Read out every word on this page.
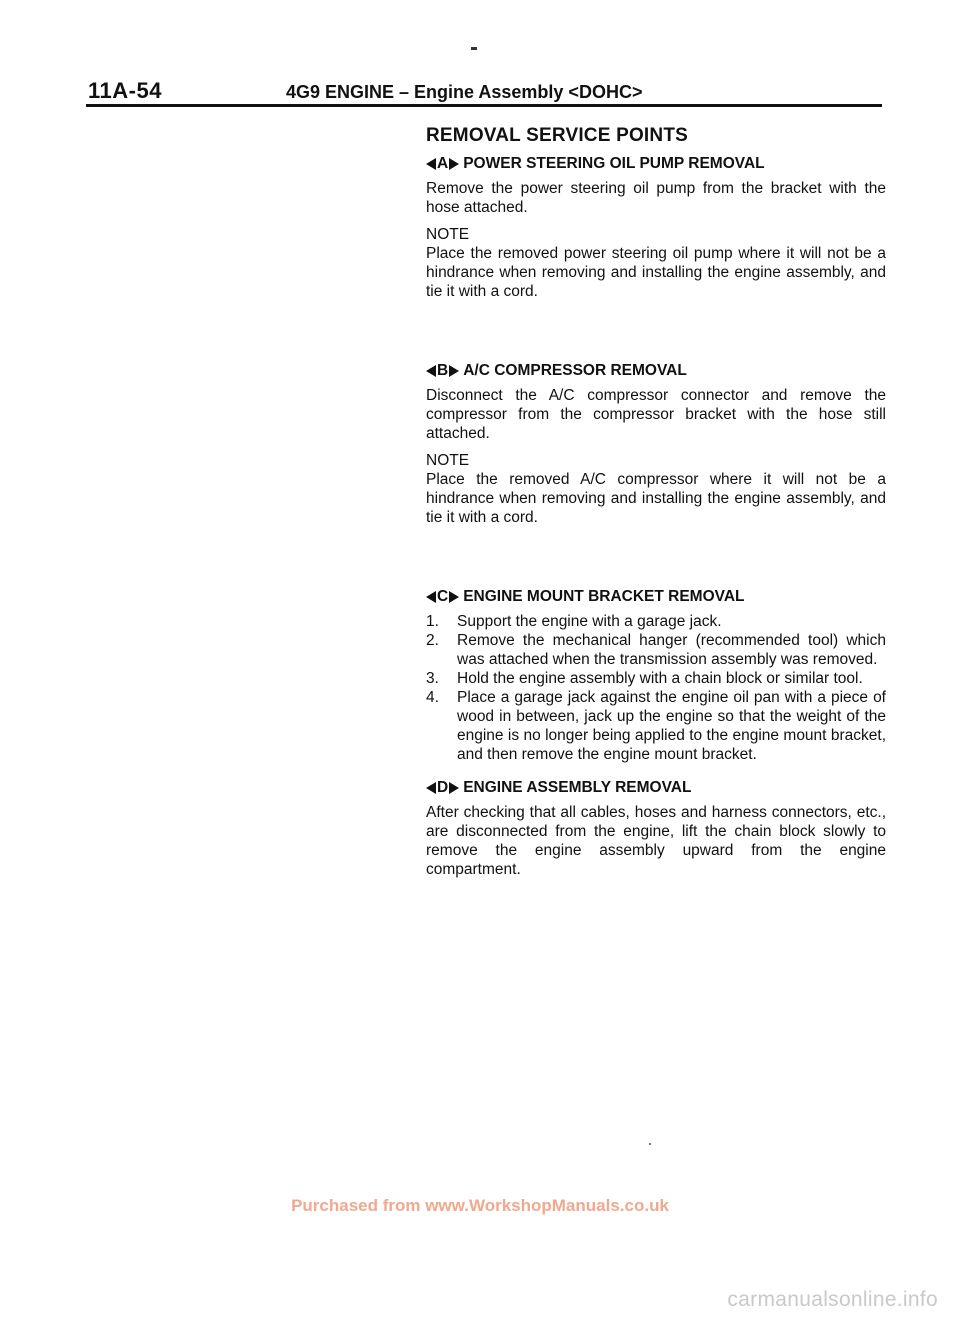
11A-54	4G9 ENGINE – Engine Assembly <DOHC>
REMOVAL SERVICE POINTS
A POWER STEERING OIL PUMP REMOVAL

Remove the power steering oil pump from the bracket with the hose attached.

NOTE

Place the removed power steering oil pump where it will not be a hindrance when removing and installing the engine assembly, and tie it with a cord.

B A/C COMPRESSOR REMOVAL

Disconnect the A/C compressor connector and remove the compressor from the compressor bracket with the hose still attached.

NOTE

Place the removed A/C compressor where it will not be a hindrance when removing and installing the engine assembly, and tie it with a cord.

C ENGINE MOUNT BRACKET REMOVAL
1.	Support the engine with a garage jack.
2.	Remove the mechanical hanger (recommended tool) which was attached when the transmission assembly was removed.
3.	Hold the engine assembly with a chain block or similar tool.
4.	Place a garage jack against the engine oil pan with a piece of wood in between, jack up the engine so that the weight of the engine is no longer being applied to the engine mount bracket, and then remove the engine mount bracket.
D ENGINE ASSEMBLY REMOVAL

After checking that all cables, hoses and harness connectors, etc., are disconnected from the engine, lift the chain block slowly to remove the engine assembly upward from the engine compartment.

Purchased from www.WorkshopManuals.co.uk
carmanualsonline.info
